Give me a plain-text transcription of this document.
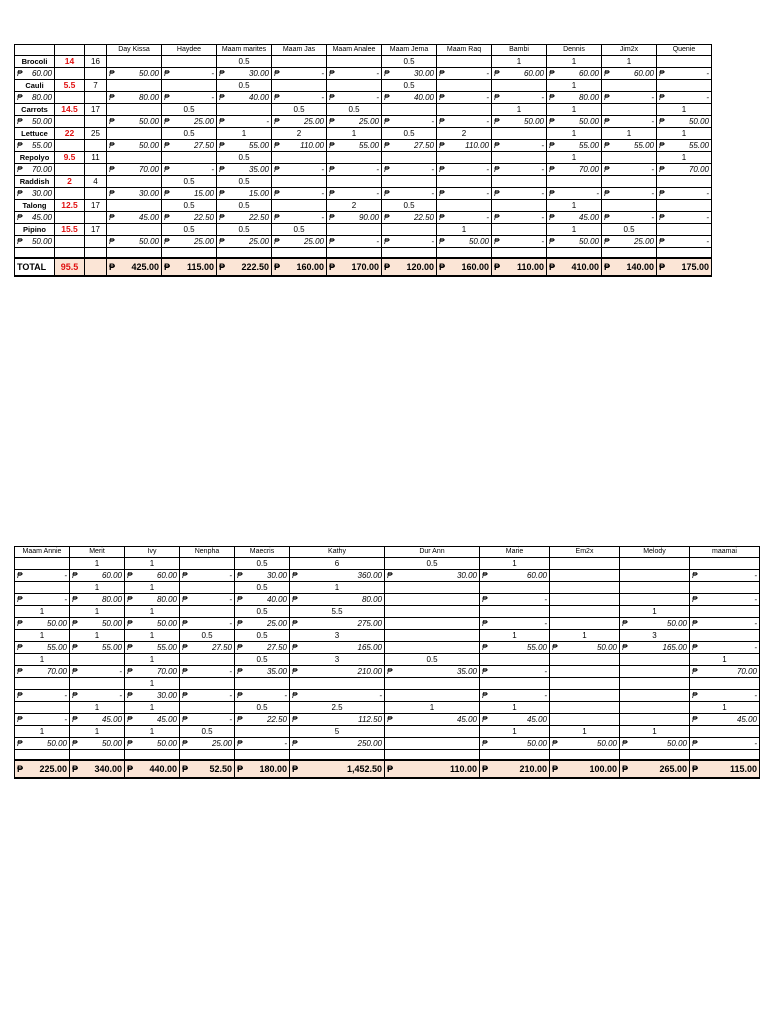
			Day Kissa	Haydee	Maam marites	Maam Jas	Maam Analee	Maam Jema	Maam Raq	Bambi	Dennis	Jim2x	Quenie
Brocoli	14	16			0.5			0.5		1	1	1	

₱ 60.00			₱ 50.00	₱ -	₱ 30.00	₱ -	₱ -	₱ 30.00	₱ -	₱ 60.00	₱ 60.00	₱ 60.00	₱ -

Cauli	5.5	7			0.5			0.5			1		

₱ 80.00			₱ 80.00	₱ -	₱ 40.00	₱ -	₱ -	₱ 40.00	₱ -	₱ -	₱ 80.00	₱ -	₱ -

Carrots	14.5	17		0.5		0.5	0.5			1	1		1

₱ 50.00			₱ 50.00	₱ 25.00	₱ -	₱ 25.00	₱ 25.00	₱ -	₱ -	₱ 50.00	₱ 50.00	₱ -	₱ 50.00

Lettuce	22	25		0.5	1	2	1	0.5	2		1	1	1

₱ 55.00			₱ 50.00	₱ 27.50	₱ 55.00	₱ 110.00	₱ 55.00	₱ 27.50	₱ 110.00	₱ -	₱ 55.00	₱ 55.00	₱ 55.00

Repolyo	9.5	11			0.5						1		1

₱ 70.00			₱ 70.00	₱ -	₱ 35.00	₱ -	₱ -	₱ -	₱ -	₱ -	₱ 70.00	₱ -	₱ 70.00

Raddish	2	4		0.5	0.5								

₱ 30.00			₱ 30.00	₱ 15.00	₱ 15.00	₱ -	₱ -	₱ -	₱ -	₱ -	₱ -	₱ -	₱ -

Talong	12.5	17		0.5	0.5		2	0.5			1		

₱ 45.00			₱ 45.00	₱ 22.50	₱ 22.50	₱ -	₱ 90.00	₱ 22.50	₱ -	₱ -	₱ 45.00	₱ -	₱ -

Pipino	15.5	17		0.5	0.5	0.5			1		1	0.5	

₱ 50.00			₱ 50.00	₱ 25.00	₱ 25.00	₱ 25.00	₱ -	₱ -	₱ 50.00	₱ -	₱ 50.00	₱ 25.00	₱ -

TOTAL	95.5		₱ 425.00	₱ 115.00	₱ 222.50	₱ 160.00	₱ 170.00	₱ 120.00	₱ 160.00	₱ 110.00	₱ 410.00	₱ 140.00	₱ 175.00
Maam Annie	Merit	Ivy	Nenpha	Maecris	Kathy	Dur Ann	Marie	Em2x	Melody	maamai
	1	1		0.5	6	0.5	1			

₱ -	₱ 60.00	₱ 60.00	₱ -	₱ 30.00	₱ 360.00	₱ 30.00	₱ 60.00			₱ -

	1	1		0.5	1					

₱ -	₱ 80.00	₱ 80.00	₱ -	₱ 40.00	₱ 80.00		₱ -			₱ -

1	1	1		0.5	5.5				1	

₱ 50.00	₱ 50.00	₱ 50.00	₱ -	₱ 25.00	₱ 275.00		₱ -		₱ 50.00	₱ -

1	1	1	0.5	0.5	3		1	1	3	

₱ 55.00	₱ 55.00	₱ 55.00	₱ 27.50	₱ 27.50	₱ 165.00		₱ 55.00	₱ 50.00	₱ 165.00	₱ -

1		1		0.5	3	0.5				1

₱ 70.00	₱ -	₱ 70.00	₱ -	₱ 35.00	₱ 210.00	₱ 35.00	₱ -			₱ 70.00

		1								

₱ -	₱ -	₱ 30.00	₱ -	₱ -	₱ -		₱ -			₱ -

	1	1		0.5	2.5	1	1			1

₱ -	₱ 45.00	₱ 45.00	₱ -	₱ 22.50	₱ 112.50	₱ 45.00	₱ 45.00			₱ 45.00

1	1	1	0.5		5		1	1	1	

₱ 50.00	₱ 50.00	₱ 50.00	₱ 25.00	₱ -	₱ 250.00		₱ 50.00	₱ 50.00	₱ 50.00	₱ -

₱ 225.00	₱ 340.00	₱ 440.00	₱ 52.50	₱ 180.00	₱ 1,452.50	₱ 110.00	₱ 210.00	₱ 100.00	₱ 265.00	₱ 115.00
